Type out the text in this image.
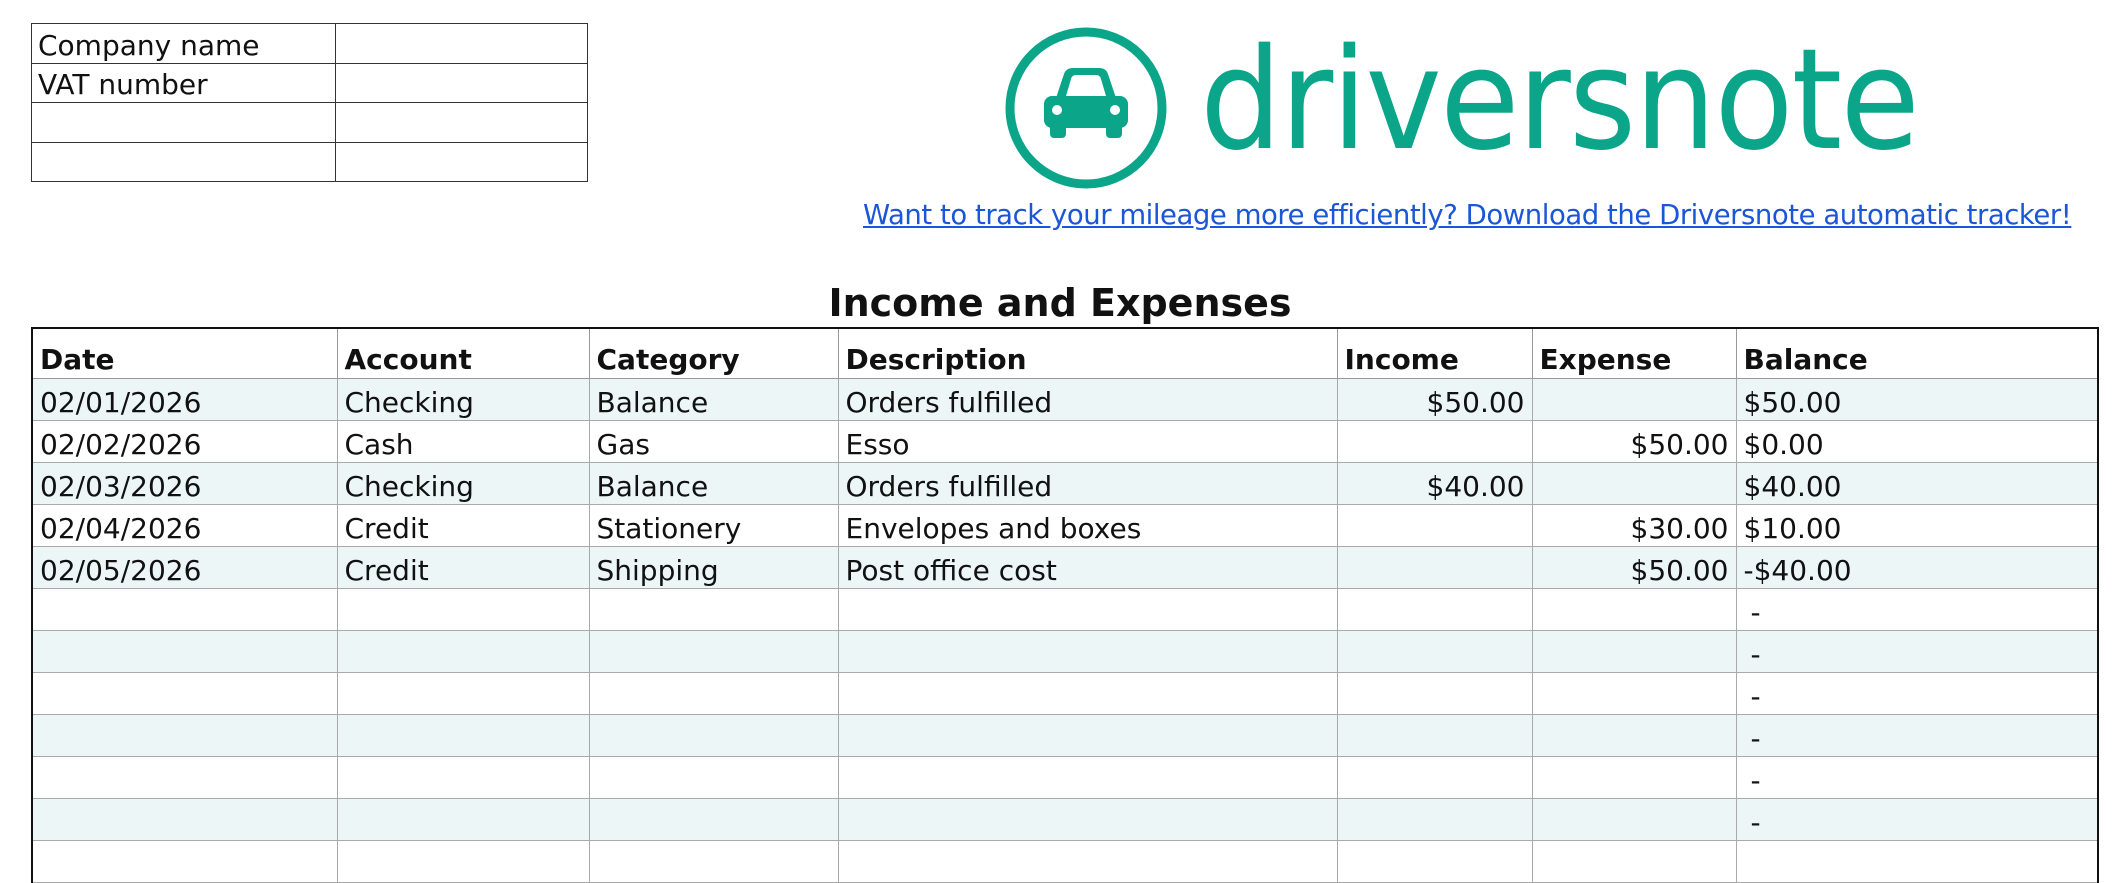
Company name	
VAT number	

		driversnote
Want to track your mileage more efficiently? Download the Driversnote automatic tracker!
Income and Expenses
Date	Account	Category	Description	Income	Expense	Balance
02/01/2026	Checking	Balance	Orders fulfilled	$50.00		$50.00
02/02/2026	Cash	Gas	Esso		$50.00	$0.00
02/03/2026	Checking	Balance	Orders fulfilled	$40.00		$40.00
02/04/2026	Credit	Stationery	Envelopes and boxes		$30.00	$10.00
02/05/2026	Credit	Shipping	Post office cost		$50.00	-$40.00
						-
						-
						-
						-
						-
						-
